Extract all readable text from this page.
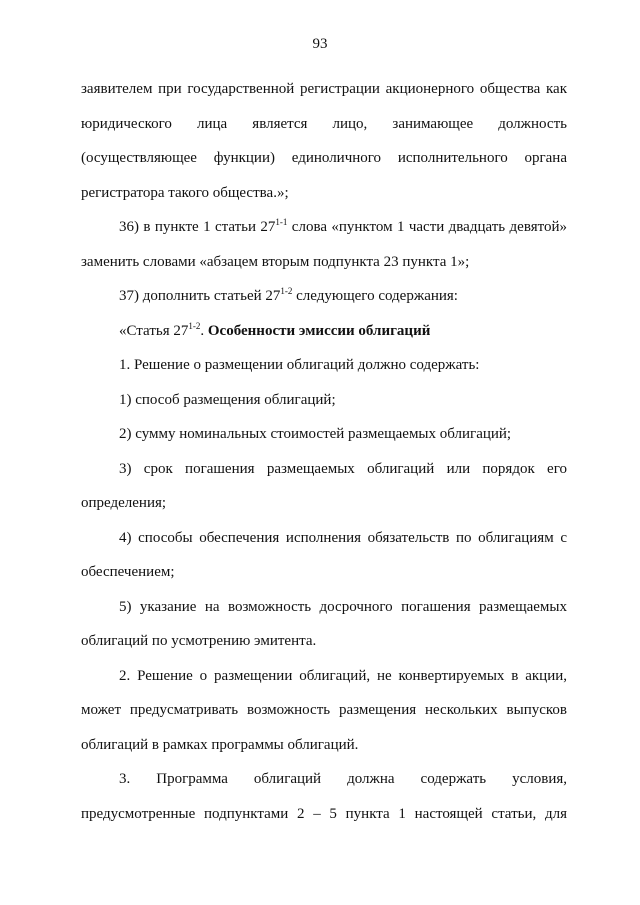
93

заявителем при государственной регистрации акционерного общества как юридического лица является лицо, занимающее должность (осуществляющее функции) единоличного исполнительного органа регистратора такого общества.»;

36) в пункте 1 статьи 27$^{1-1}$ слова «пунктом 1 части двадцать девятой» заменить словами «абзацем вторым подпункта 23 пункта 1»;

37) дополнить статьей 27$^{1-2}$ следующего содержания:

«Статья 27$^{1-2}$. Особенности эмиссии облигаций

1. Решение о размещении облигаций должно содержать:

1) способ размещения облигаций;

2) сумму номинальных стоимостей размещаемых облигаций;

3) срок погашения размещаемых облигаций или порядок его определения;

4) способы обеспечения исполнения обязательств по облигациям с обеспечением;

5) указание на возможность досрочного погашения размещаемых облигаций по усмотрению эмитента.

2. Решение о размещении облигаций, не конвертируемых в акции, может предусматривать возможность размещения нескольких выпусков облигаций в рамках программы облигаций.

3. Программа облигаций должна содержать условия, предусмотренные подпунктами 2 – 5 пункта 1 настоящей статьи, для
